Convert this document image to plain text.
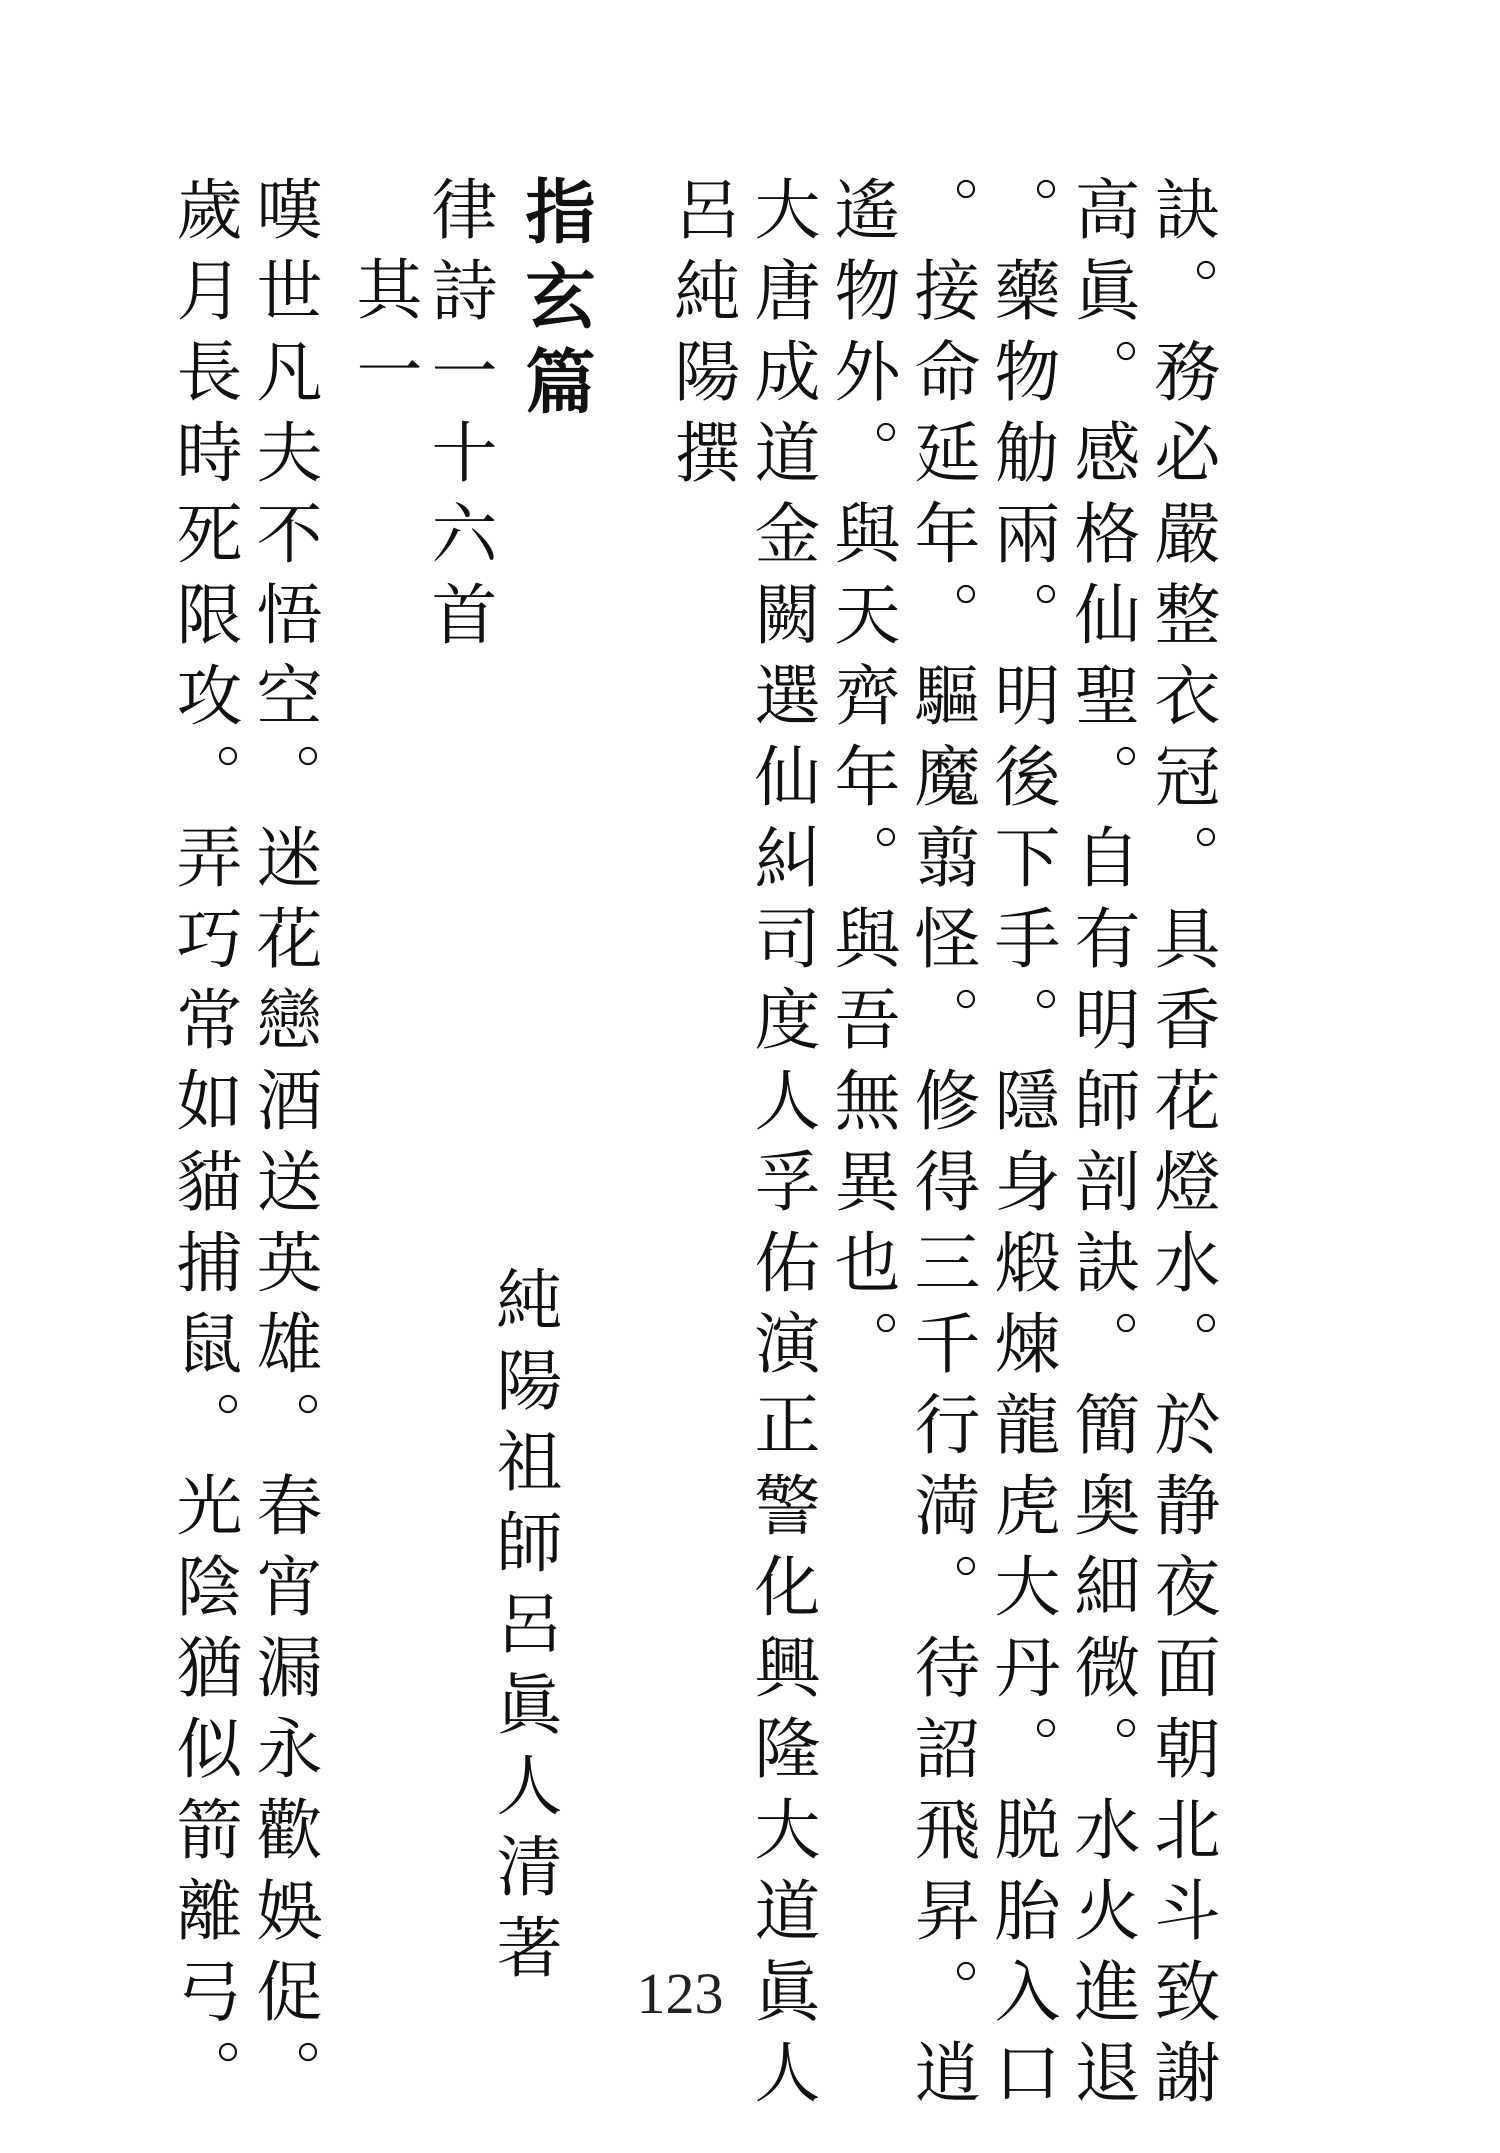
訣。務必嚴整衣冠。具香花燈水。於静夜面朝北斗致謝
高眞。感格仙聖。自有明師剖訣。簡奥細微。水火進退
。藥物觔兩。明後下手。隱身煅煉龍虎大丹。脱胎入口
。接命延年。驅魔翦怪。修得三千行満。待詔飛昇。逍
遙物外。與天齊年。與吾無異也。
大唐成道金闕選仙糾司度人孚佑演正警化興隆大道眞人
呂純陽撰
指玄篇
純陽祖師呂眞人清著
律詩一十六首
其一
嘆世凡夫不悟空。迷花戀酒送英雄。春宵漏永歡娛促。
歲月長時死限攻。弄巧常如貓捕鼠。光陰猶似箭離弓。	123
